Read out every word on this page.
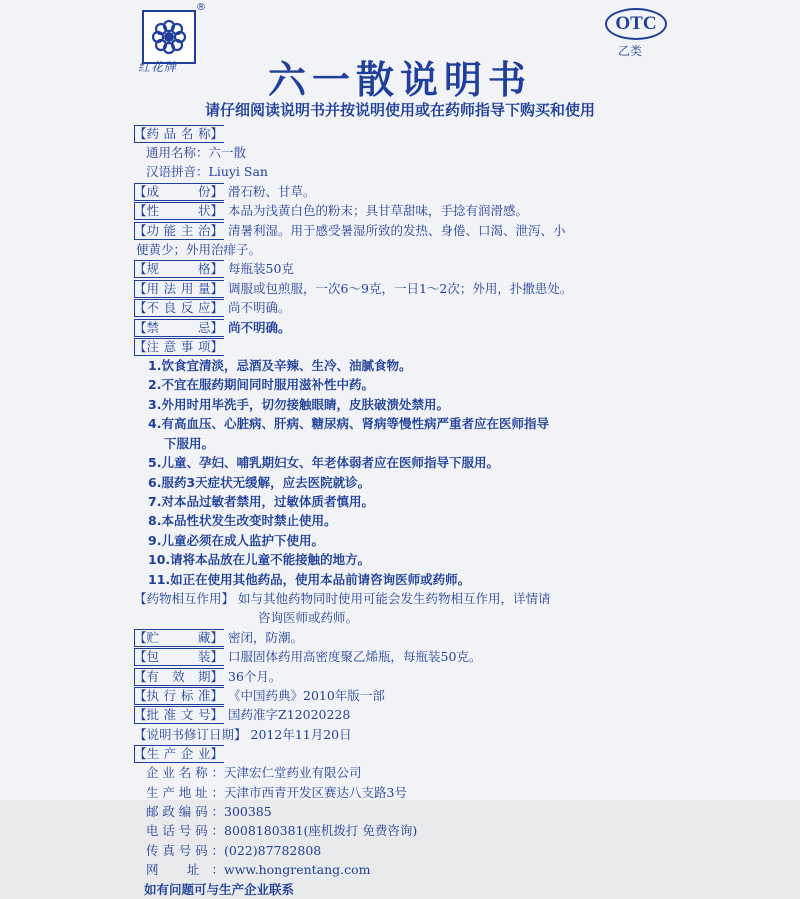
®
红花牌
OTC
乙类
六一散说明书
请仔细阅读说明书并按说明使用或在药师指导下购买和使用
【 药品名称 】
通用名称： 六一散
汉语拼音： Liuyi San
【 成 份 】	滑石粉、甘草。
【 性 状 】	本品为浅黄白色的粉末；具甘草甜味，手捻有润滑感。
【 功能主治 】	清暑利湿。用于感受暑湿所致的发热、身倦、口渴、泄泻、小
便黄少；外用治痱子。
【 规 格 】	每瓶装50克
【 用法用量 】	调服或包煎服，一次6～9克，一日1～2次；外用，扑撒患处。
【 不良反应 】	尚不明确。
【 禁 忌 】	尚不明确。
【 注意事项 】
1.饮食宜清淡，忌酒及辛辣、生冷、油腻食物。
2.不宜在服药期间同时服用滋补性中药。
3.外用时用毕洗手，切勿接触眼睛，皮肤破溃处禁用。
4.有高血压、心脏病、肝病、糖尿病、肾病等慢性病严重者应在医师指导
下服用。
5.儿童、孕妇、哺乳期妇女、年老体弱者应在医师指导下服用。
6.服药3天症状无缓解，应去医院就诊。
7.对本品过敏者禁用，过敏体质者慎用。
8.本品性状发生改变时禁止使用。
9.儿童必须在成人监护下使用。
10.请将本品放在儿童不能接触的地方。
11.如正在使用其他药品，使用本品前请咨询医师或药师。
【药物相互作用】 如与其他药物同时使用可能会发生药物相互作用，详情请
咨询医师或药师。
【 贮 藏 】	密闭，防潮。
【 包 装 】	口服固体药用高密度聚乙烯瓶，每瓶装50克。
【 有 效 期 】	36个月。
【 执行标准 】	《中国药典》2010年版一部
【 批准文号 】	国药准字Z12020228
【说明书修订日期】 2012年11月20日
【 生产企业 】
企业名称： 天津宏仁堂药业有限公司
生产地址： 天津市西青开发区赛达八支路3号
邮政编码： 300385
电话号码： 8008180381(座机拨打 免费咨询)
传真号码： (022)87782808
网 址： www.hongrentang.com
如有问题可与生产企业联系
